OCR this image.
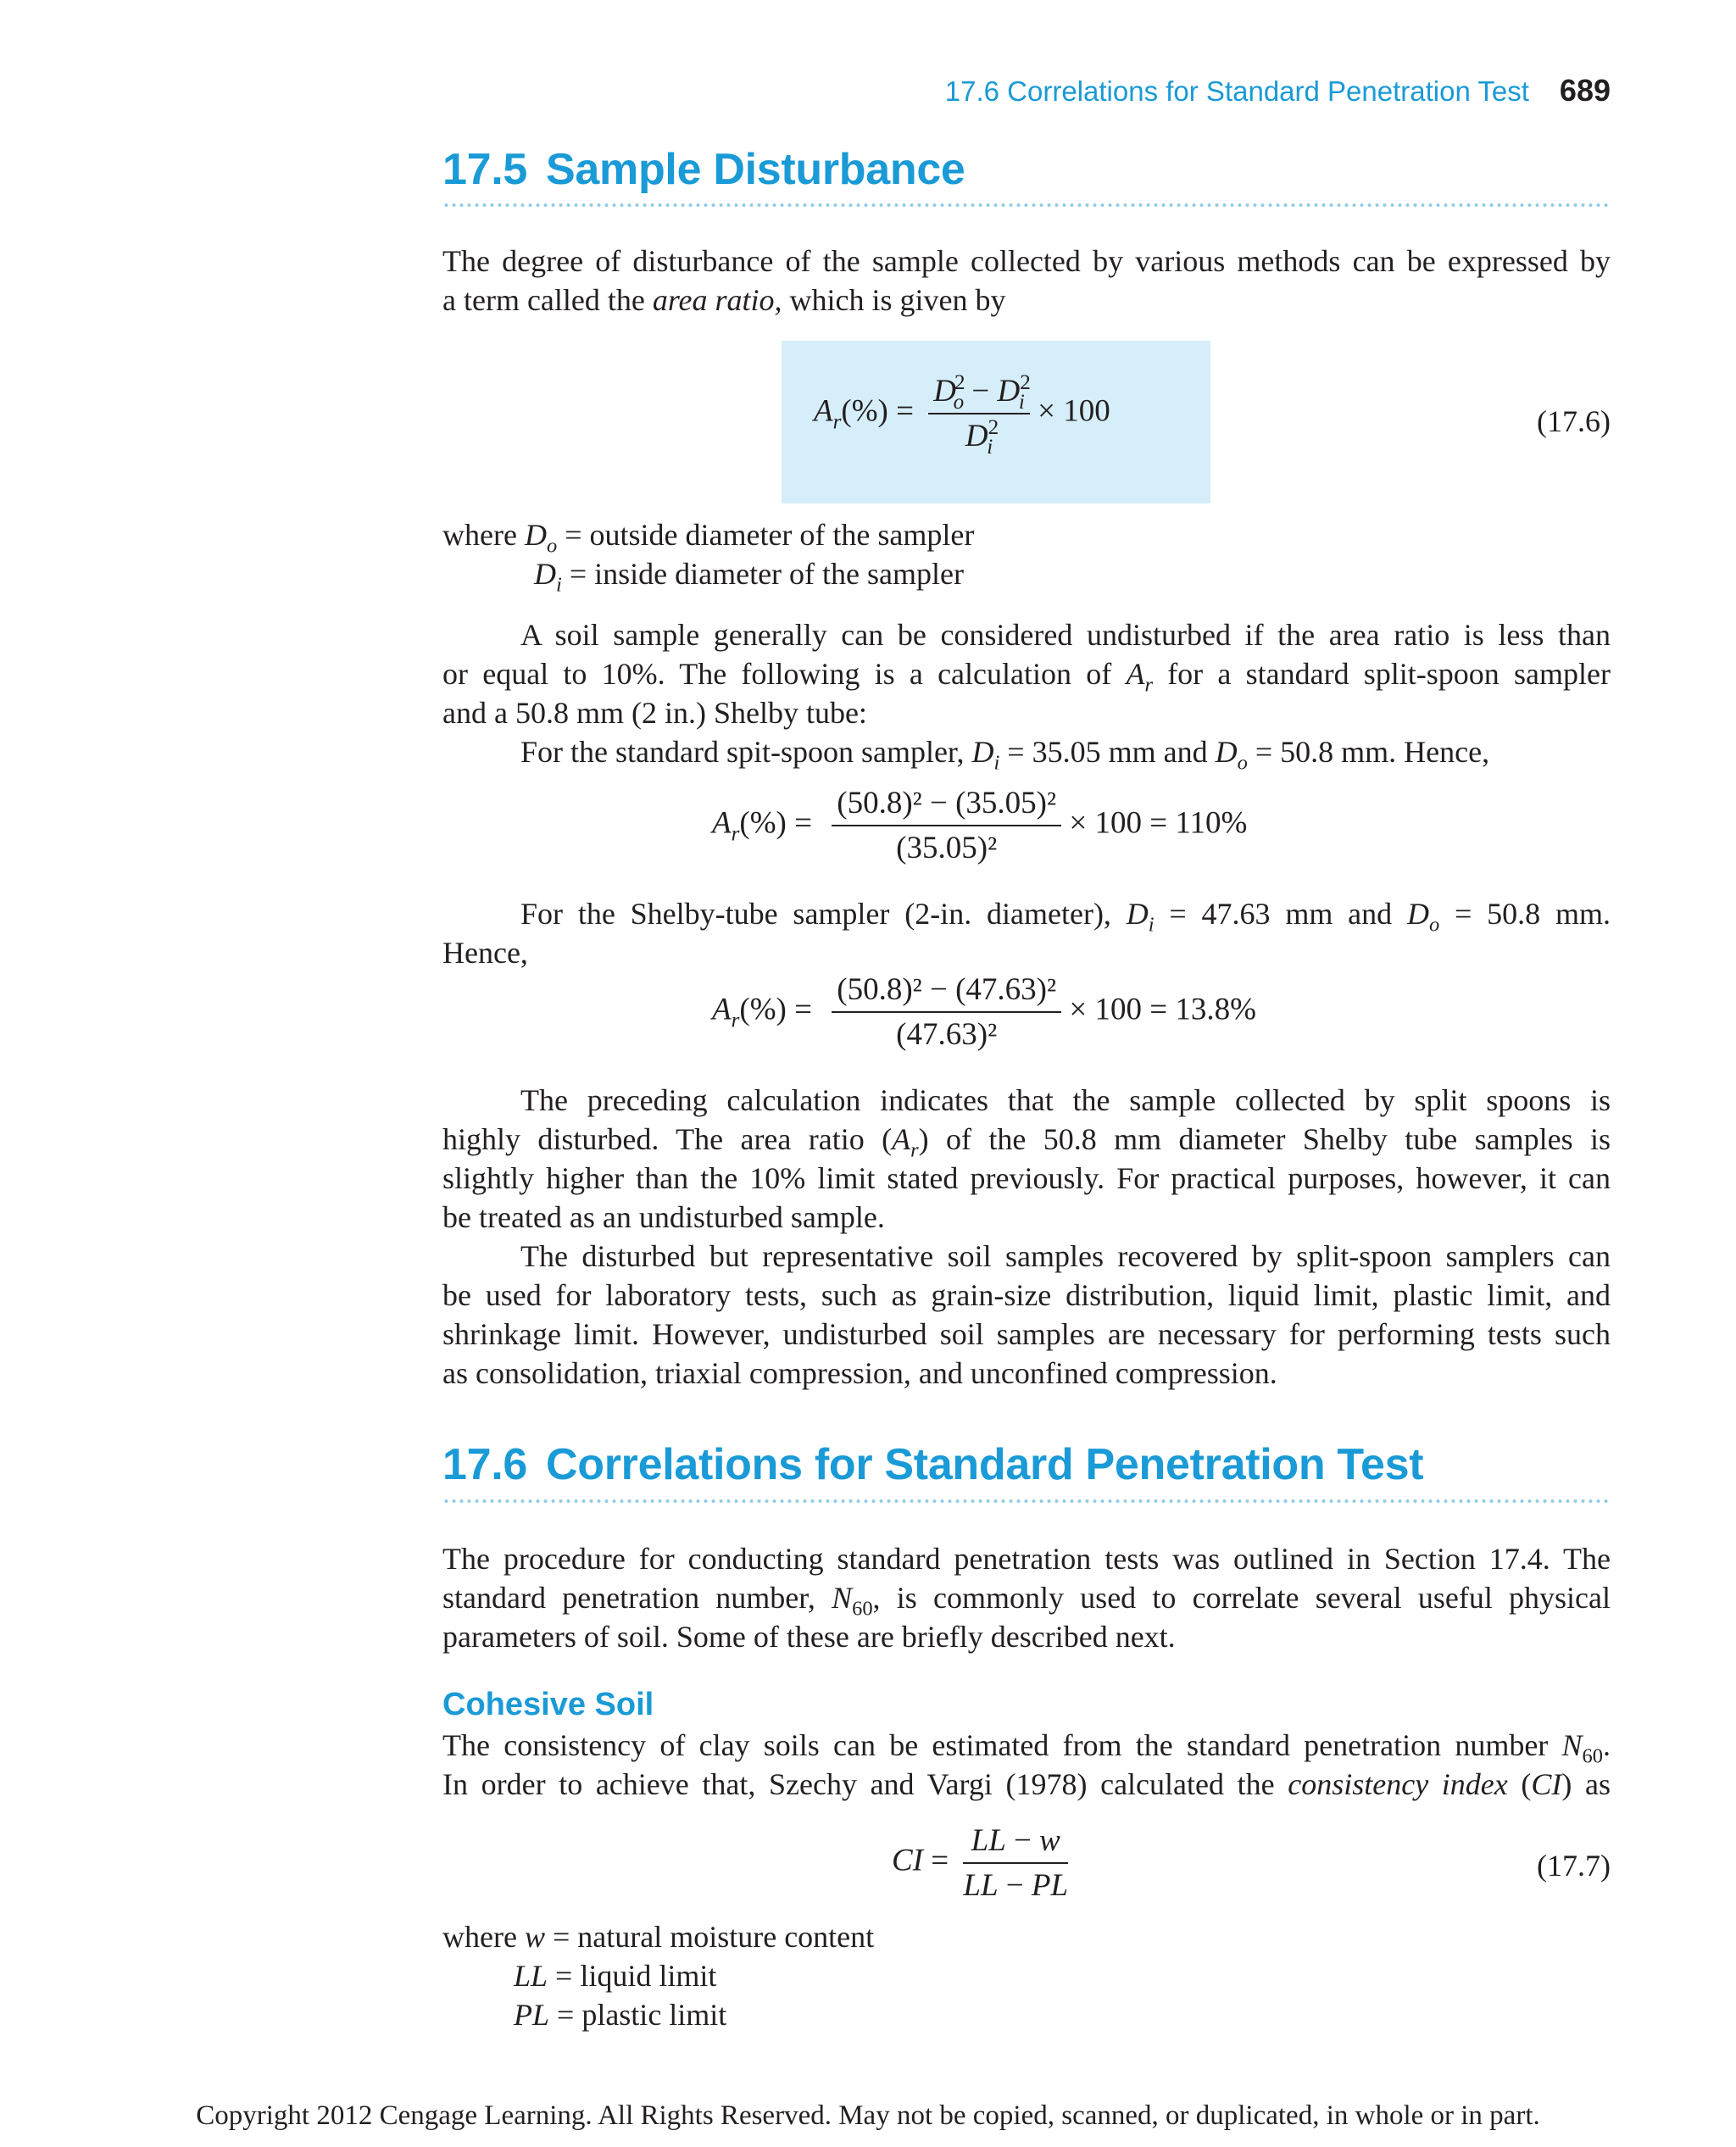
17.6 Correlations for Standard Penetration Test 689
17.5 Sample Disturbance
The degree of disturbance of the sample collected by various methods can be expressed by
a term called the area ratio, which is given by
$A_r(\%) = \frac{D^2_o - D^2_i}{D^2_i} \times 100$	(17.6)
where $D_o$ = outside diameter of the sampler
$D_i$ = inside diameter of the sampler
A soil sample generally can be considered undisturbed if the area ratio is less than
or equal to 10%. The following is a calculation of $A_r$ for a standard split-spoon sampler
and a 50.8 mm (2 in.) Shelby tube:
For the standard spit-spoon sampler, $D_i = 35.05$ mm and $D_o = 50.8$ mm. Hence,
$A_r(\%) = \frac{\text{(50.8)² − (35.05)²}}{\text{(35.05)²}} \times 100 = 110\%$
For the Shelby-tube sampler (2-in. diameter), $D_i = 47.63$ mm and $D_o = 50.8$ mm.
Hence,
$A_r(\%) = \frac{\text{(50.8)² − (47.63)²}}{\text{(47.63)²}} \times 100 = 13.8\%$
The preceding calculation indicates that the sample collected by split spoons is
highly disturbed. The area ratio $(A_r)$ of the 50.8 mm diameter Shelby tube samples is
slightly higher than the 10% limit stated previously. For practical purposes, however, it can
be treated as an undisturbed sample.
The disturbed but representative soil samples recovered by split-spoon samplers can
be used for laboratory tests, such as grain-size distribution, liquid limit, plastic limit, and
shrinkage limit. However, undisturbed soil samples are necessary for performing tests such
as consolidation, triaxial compression, and unconfined compression.
17.6 Correlations for Standard Penetration Test
The procedure for conducting standard penetration tests was outlined in Section 17.4. The
standard penetration number, $N_{60}$, is commonly used to correlate several useful physical
parameters of soil. Some of these are briefly described next.
Cohesive Soil
The consistency of clay soils can be estimated from the standard penetration number $N_{60}$.
In order to achieve that, Szechy and Vargi (1978) calculated the consistency index (CI) as
CI = $\frac{LL - w}{LL - PL}$	(17.7)
where w = natural moisture content
LL = liquid limit
PL = plastic limit
Copyright 2012 Cengage Learning. All Rights Reserved. May not be copied, scanned, or duplicated, in whole or in part.
